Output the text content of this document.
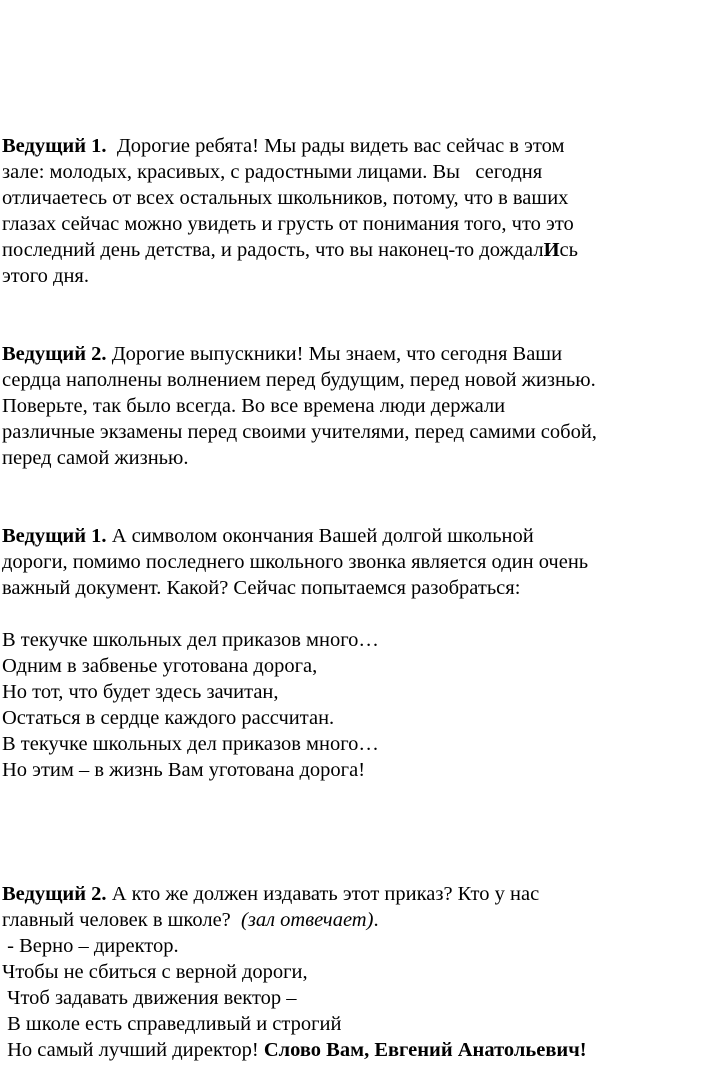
Ведущий 1.  Дорогие ребята! Мы рады видеть вас сейчас в этом
зале: молодых, красивых, с радостными лицами. Вы   сегодня
отличаетесь от всех остальных школьников, потому, что в ваших
глазах сейчас можно увидеть и грусть от понимания того, что это
последний день детства, и радость, что вы наконец-то дождалИсь
этого дня.
Ведущий 2. Дорогие выпускники! Мы знаем, что сегодня Ваши
сердца наполнены волнением перед будущим, перед новой жизнью.
Поверьте, так было всегда. Во все времена люди держали
различные экзамены перед своими учителями, перед самими собой,
перед самой жизнью.
Ведущий 1. А символом окончания Вашей долгой школьной
дороги, помимо последнего школьного звонка является один очень
важный документ. Какой? Сейчас попытаемся разобраться:
В текучке школьных дел приказов много…
Одним в забвенье уготована дорога,
Но тот, что будет здесь зачитан,
Остаться в сердце каждого рассчитан.
В текучке школьных дел приказов много…
Но этим – в жизнь Вам уготована дорога!
Ведущий 2. А кто же должен издавать этот приказ? Кто у нас
главный человек в школе?  (зал отвечает).
- Верно – директор.
Чтобы не сбиться с верной дороги,
Чтоб задавать движения вектор –
В школе есть справедливый и строгий
Но самый лучший директор! Слово Вам, Евгений Анатольевич!
